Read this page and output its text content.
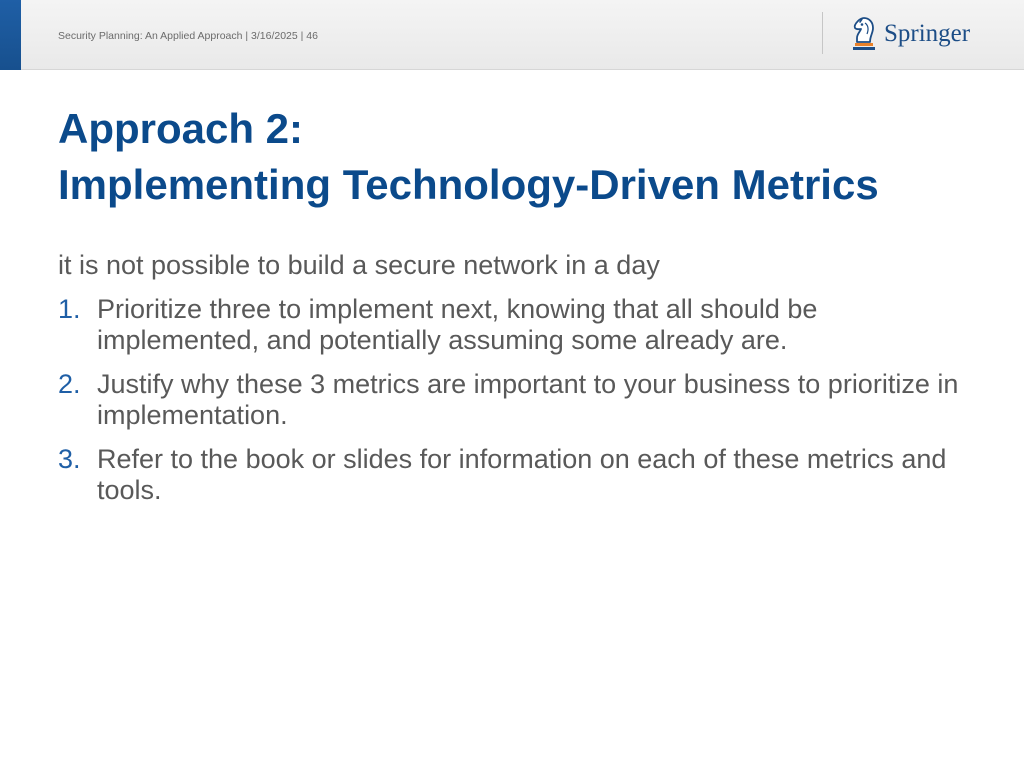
Security Planning: An Applied Approach | 3/16/2025 | 46	Springer
Approach 2:
Implementing Technology-Driven Metrics

it is not possible to build a secure network in a day

1. Prioritize three to implement next, knowing that all should be implemented, and potentially assuming some already are.
2. Justify why these 3 metrics are important to your business to prioritize in implementation.
3. Refer to the book or slides for information on each of these metrics and tools.
